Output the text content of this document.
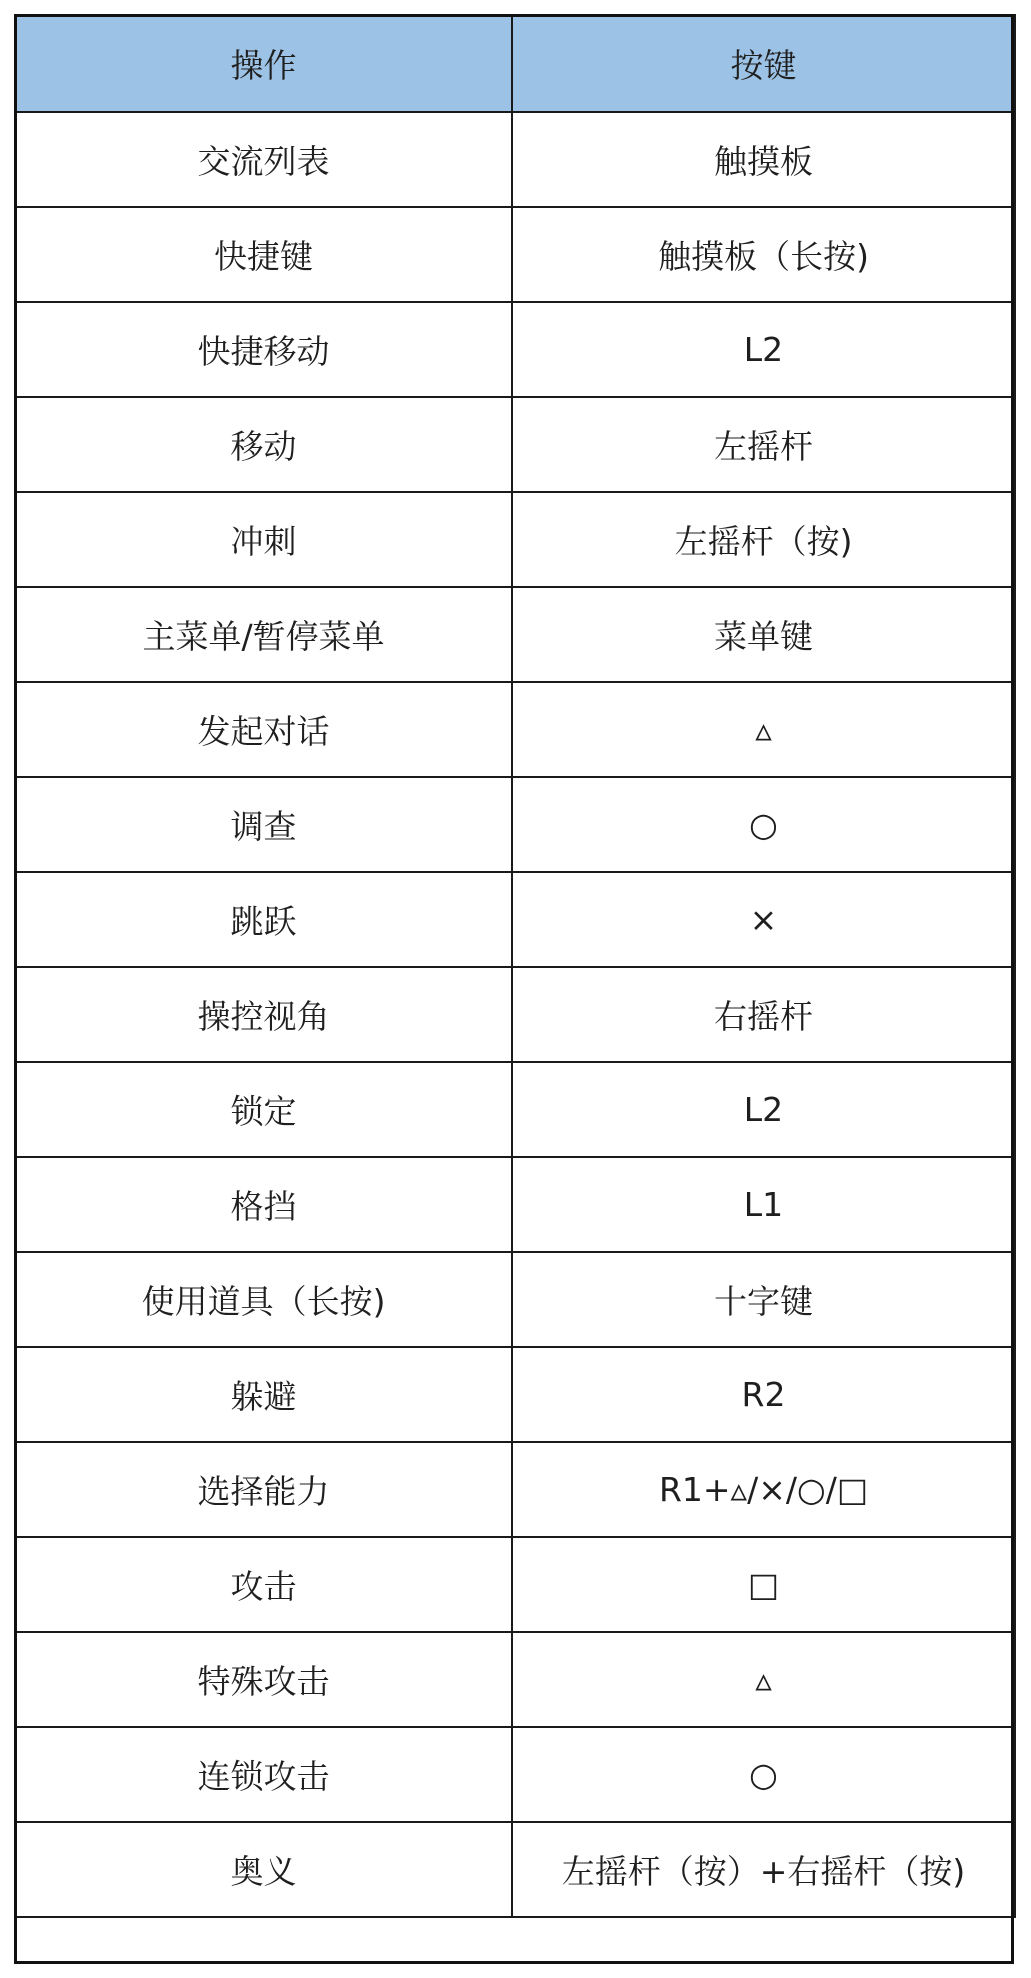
操作	按键
交流列表	触摸板
快捷键	触摸板（长按)
快捷移动	L2
移动	左摇杆
冲刺	左摇杆（按)
主菜单/暂停菜单	菜单键
发起对话	▵
调查	○
跳跃	×
操控视角	右摇杆
锁定	L2
格挡	L1
使用道具（长按)	十字键
躲避	R2
选择能力	R1+▵/×/○/□
攻击	□
特殊攻击	▵
连锁攻击	○
奥义	左摇杆（按）+右摇杆（按)
